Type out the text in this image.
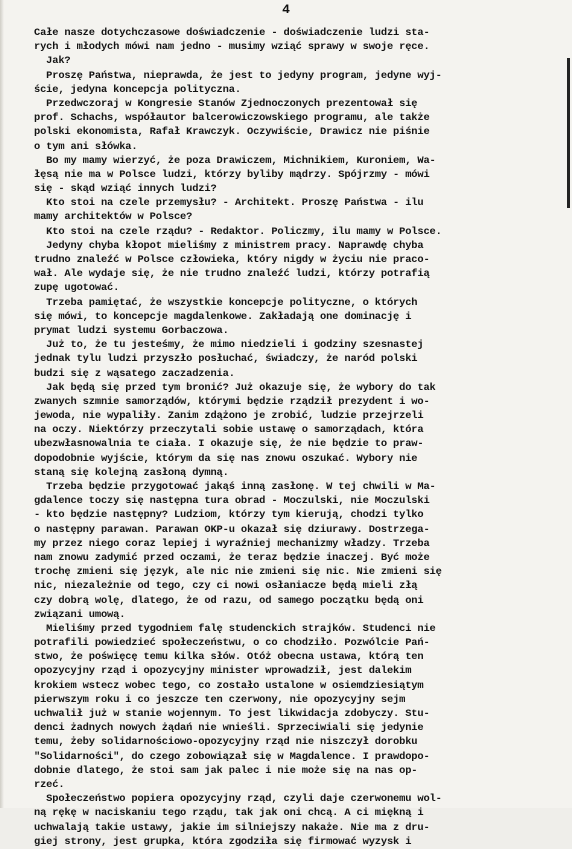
4
Całe nasze dotychczasowe doświadczenie - doświadczenie ludzi sta-
rych i młodych mówi nam jedno - musimy wziąć sprawy w swoje ręce.
Jak?
Proszę Państwa, nieprawda, że jest to jedyny program, jedyne wyj-
ście, jedyna koncepcja polityczna.
Przedwczoraj w Kongresie Stanów Zjednoczonych prezentował się
prof. Schachs, współautor balcerowiczowskiego programu, ale także
polski ekonomista, Rafał Krawczyk. Oczywiście, Drawicz nie piśnie
o tym ani słówka.
Bo my mamy wierzyć, że poza Drawiczem, Michnikiem, Kuroniem, Wa-
łęsą nie ma w Polsce ludzi, którzy byliby mądrzy. Spójrzmy - mówi
się - skąd wziąć innych ludzi?
Kto stoi na czele przemysłu? - Architekt. Proszę Państwa - ilu
mamy architektów w Polsce?
Kto stoi na czele rządu? - Redaktor. Policzmy, ilu mamy w Polsce.
Jedyny chyba kłopot mieliśmy z ministrem pracy. Naprawdę chyba
trudno znaleźć w Polsce człowieka, który nigdy w życiu nie praco-
wał. Ale wydaje się, że nie trudno znaleźć ludzi, którzy potrafią
zupę ugotować.
Trzeba pamiętać, że wszystkie koncepcje polityczne, o których
się mówi, to koncepcje magdalenkowe. Zakładają one dominację i
prymat ludzi systemu Gorbaczowa.
Już to, że tu jesteśmy, że mimo niedzieli i godziny szesnastej
jednak tylu ludzi przyszło posłuchać, świadczy, że naród polski
budzi się z wąsatego zaczadzenia.
Jak będą się przed tym bronić? Już okazuje się, że wybory do tak
zwanych szmnie samorządów, którymi będzie rządził prezydent i wo-
jewoda, nie wypaliły. Zanim zdążono je zrobić, ludzie przejrzeli
na oczy. Niektórzy przeczytali sobie ustawę o samorządach, która
ubezwłasnowalnia te ciała. I okazuje się, że nie będzie to praw-
dopodobnie wyjście, którym da się nas znowu oszukać. Wybory nie
staną się kolejną zasłoną dymną.
Trzeba będzie przygotować jakąś inną zasłonę. W tej chwili w Ma-
gdalence toczy się następna tura obrad - Moczulski, nie Moczulski
- kto będzie następny? Ludziom, którzy tym kierują, chodzi tylko
o następny parawan. Parawan OKP-u okazał się dziurawy. Dostrzega-
my przez niego coraz lepiej i wyraźniej mechanizmy władzy. Trzeba
nam znowu zadymić przed oczami, że teraz będzie inaczej. Być może
trochę zmieni się język, ale nic nie zmieni się nic. Nie zmieni się
nic, niezależnie od tego, czy ci nowi osłaniacze będą mieli złą
czy dobrą wolę, dlatego, że od razu, od samego początku będą oni
związani umową.
Mieliśmy przed tygodniem falę studenckich strajków. Studenci nie
potrafili powiedzieć społeczeństwu, o co chodziło. Pozwólcie Pań-
stwo, że poświęcę temu kilka słów. Otóż obecna ustawa, którą ten
opozycyjny rząd i opozycyjny minister wprowadził, jest dalekim
krokiem wstecz wobec tego, co zostało ustalone w osiemdziesiątym
pierwszym roku i co jeszcze ten czerwony, nie opozycyjny sejm
uchwalił już w stanie wojennym. To jest likwidacja zdobyczy. Stu-
denci żadnych nowych żądań nie wnieśli. Sprzeciwiali się jedynie
temu, żeby solidarnościowo-opozycyjny rząd nie niszczył dorobku
"Solidarności", do czego zobowiązał się w Magdalence. I prawdopo-
dobnie dlatego, że stoi sam jak palec i nie może się na nas op-
rzeć.
Społeczeństwo popiera opozycyjny rząd, czyli daje czerwonemu wol-
ną rękę w naciskaniu tego rządu, tak jak oni chcą. A ci miękną i
uchwalają takie ustawy, jakie im silniejszy nakaże. Nie ma z dru-
giej strony, jest grupka, która zgodziła się firmować wyzysk i
